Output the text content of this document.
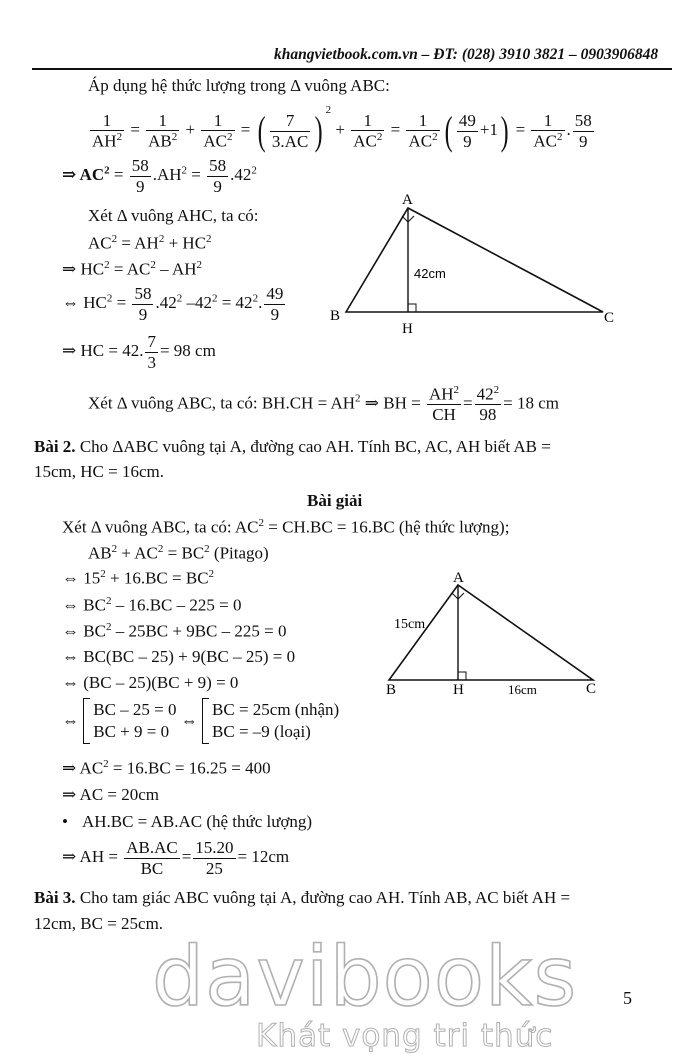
khangvietbook.com.vn – ĐT: (028) 3910 3821 – 0903906848
Áp dụng hệ thức lượng trong Δ vuông ABC:
$\frac{1}{AH^2} = \frac{1}{AB^2} + \frac{1}{AC^2}$ = ( $\frac{7}{3.AC}$ ) $^2 + \frac{1}{AC^2} = \frac{1}{AC^2}$ ( $\frac{49}{9} +1) = \frac{1}{AC^2}$ . $\frac{58}{9}$
⇒ $AC^2 = \frac{58}{9} .AH^2 = \frac{58}{9} .42^2$
Xét Δ vuông AHC, ta có:
$AC^2 = AH^2 + HC^2$
⇒ $HC^2 = AC^2 - AH^2$
⇔ $HC^2 = \frac{58}{9} .42^2$ $-42^2 = 42^2$. $\frac{49}{9}$
⇒ HC = 42. $\frac{7}{3} = 98$ cm
Xét Δ vuông ABC, ta có: $BH.CH = AH^2$ ⇒ BH = $\frac{AH^2}{CH} = \frac{42^2}{98} = 18$ cm
A
B	C
H
42cm
Bài 2. Cho ΔABC vuông tại A, đường cao AH. Tính BC, AC, AH biết AB =
15cm, HC = 16cm.
Bài giải
Xét Δ vuông ABC, ta có: $AC^2 = CH.BC = 16.BC$ (hệ thức lượng);
$AB^2 + AC^2 = BC^2$ (Pitago)
⇔ $15^2 + 16.BC = BC^2$
⇔ $BC^2 - 16.BC - 225 = 0$
⇔ $BC^2 - 25BC + 9BC - 225 = 0$
⇔ BC(BC – 25) + 9(BC – 25) = 0
⇔ (BC – 25)(BC + 9) = 0
⇔ BC – 25 = 0
BC + 9 = 0 ⇔ BC = 25cm (nhận)
BC = –9 (loại)
⇒ $AC^2 = 16.BC = 16.25 = 400$
⇒ AC = 20cm
• AH.BC = AB.AC (hệ thức lượng)
⇒ AH = $\frac{AB.AC}{BC} = \frac{15.20}{25} = 12cm$
A
B	C
H
15cm
16cm
Bài 3. Cho tam giác ABC vuông tại A, đường cao AH. Tính AB, AC biết AH =
12cm, BC = 25cm.
davibooks
Khát vọng tri thức
5
